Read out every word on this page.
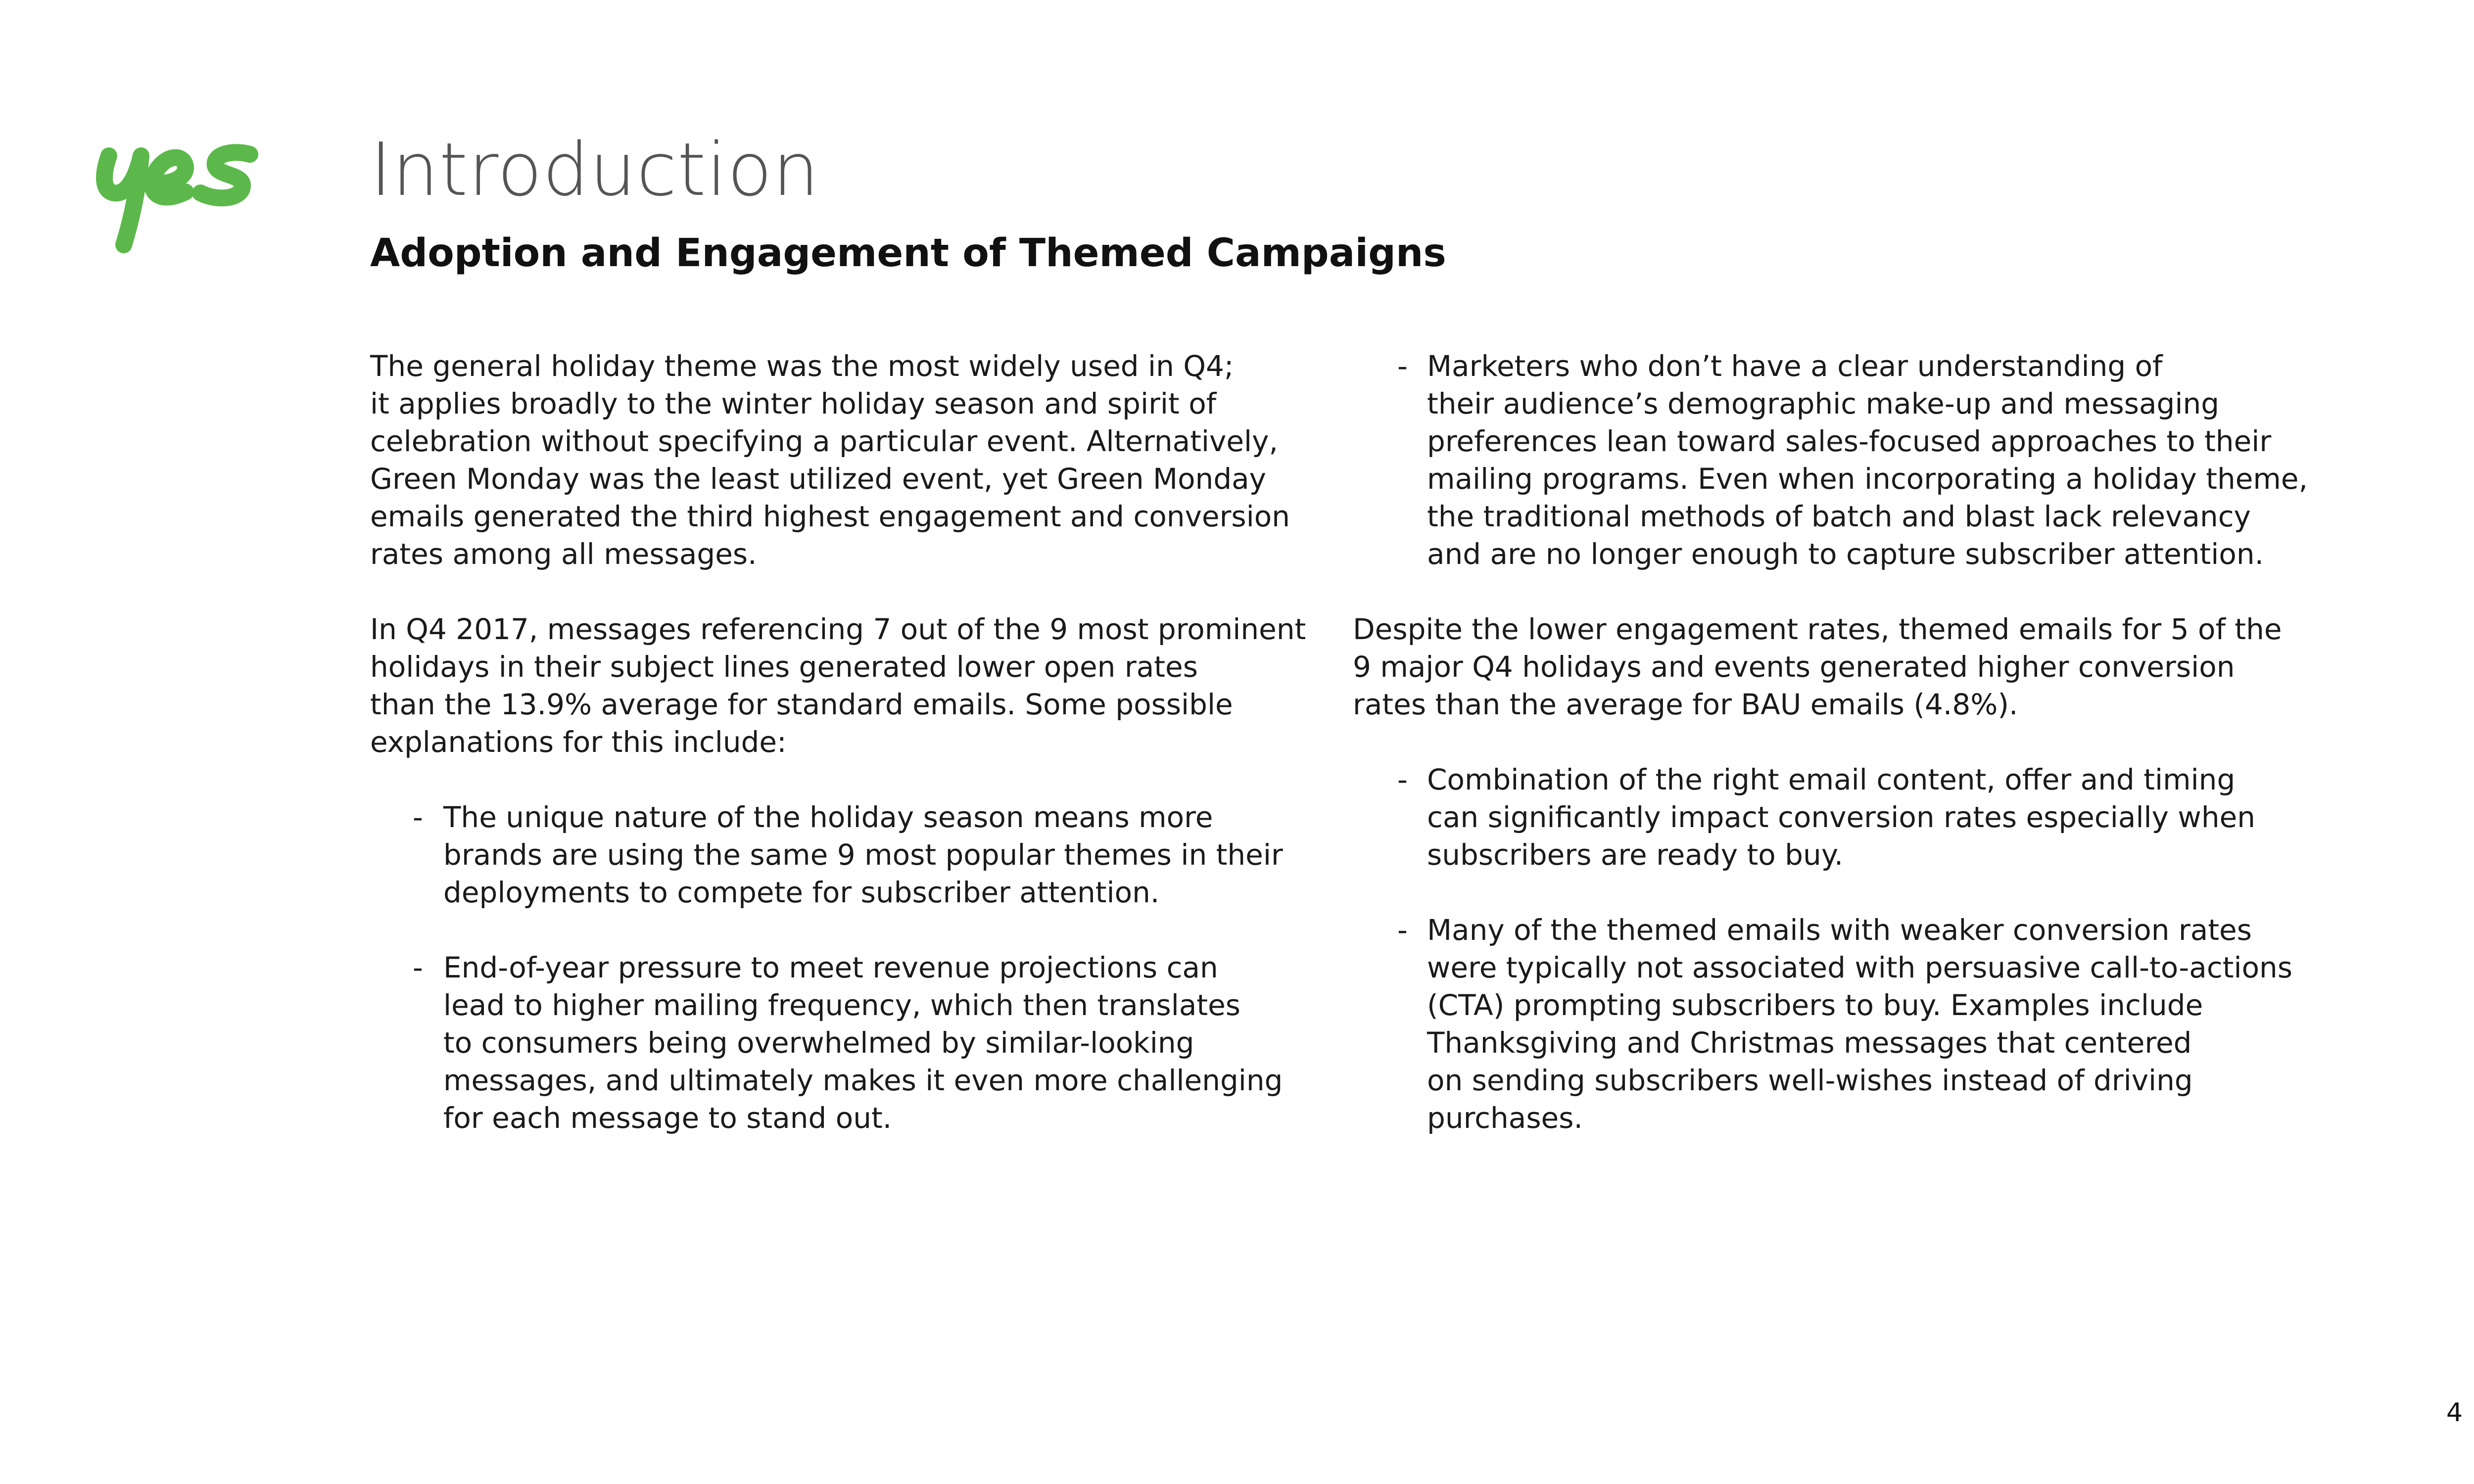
Introduction
Adoption and Engagement of Themed Campaigns

The general holiday theme was the most widely used in Q4;
it applies broadly to the winter holiday season and spirit of
celebration without specifying a particular event. Alternatively,
Green Monday was the least utilized event, yet Green Monday
emails generated the third highest engagement and conversion
rates among all messages.

In Q4 2017, messages referencing 7 out of the 9 most prominent
holidays in their subject lines generated lower open rates
than the 13.9% average for standard emails. Some possible
explanations for this include:

- The unique nature of the holiday season means more
brands are using the same 9 most popular themes in their
deployments to compete for subscriber attention.
- End-of-year pressure to meet revenue projections can
lead to higher mailing frequency, which then translates
to consumers being overwhelmed by similar-looking
messages, and ultimately makes it even more challenging
for each message to stand out.
- Marketers who don’t have a clear understanding of
their audience’s demographic make-up and messaging
preferences lean toward sales-focused approaches to their
mailing programs. Even when incorporating a holiday theme,
the traditional methods of batch and blast lack relevancy
and are no longer enough to capture subscriber attention.

Despite the lower engagement rates, themed emails for 5 of the
9 major Q4 holidays and events generated higher conversion
rates than the average for BAU emails (4.8%).

- Combination of the right email content, offer and timing
can significantly impact conversion rates especially when
subscribers are ready to buy.
- Many of the themed emails with weaker conversion rates
were typically not associated with persuasive call-to-actions
(CTA) prompting subscribers to buy. Examples include
Thanksgiving and Christmas messages that centered
on sending subscribers well-wishes instead of driving
purchases.
4
